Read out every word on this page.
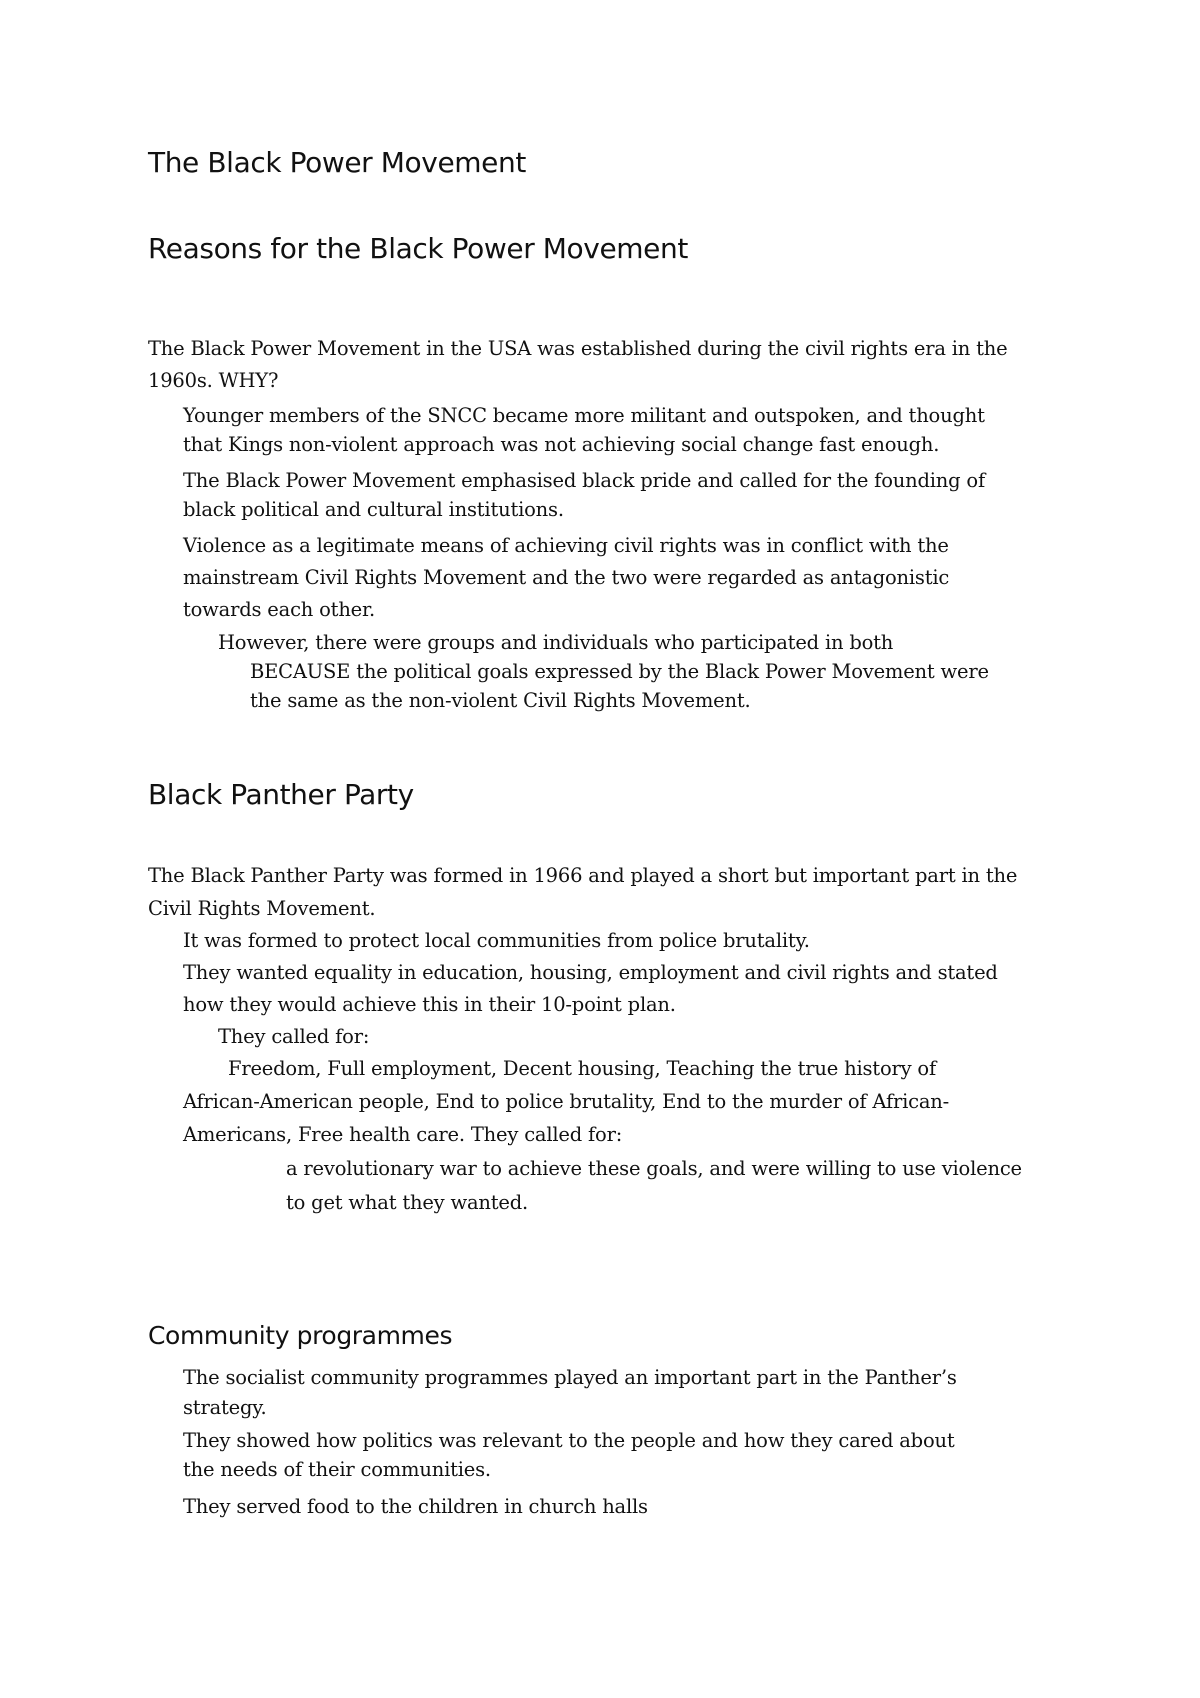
The Black Power Movement
Reasons for the Black Power Movement

The Black Power Movement in the USA was established during the civil rights era in the

1960s. WHY?

Younger members of the SNCC became more militant and outspoken, and thought

that Kings non-violent approach was not achieving social change fast enough.

The Black Power Movement emphasised black pride and called for the founding of

black political and cultural institutions.

Violence as a legitimate means of achieving civil rights was in conflict with the

mainstream Civil Rights Movement and the two were regarded as antagonistic

towards each other.

However, there were groups and individuals who participated in both

BECAUSE the political goals expressed by the Black Power Movement were

the same as the non-violent Civil Rights Movement.

Black Panther Party

The Black Panther Party was formed in 1966 and played a short but important part in the

Civil Rights Movement.

It was formed to protect local communities from police brutality.

They wanted equality in education, housing, employment and civil rights and stated

how they would achieve this in their 10-point plan.

They called for:

Freedom, Full employment, Decent housing, Teaching the true history of

African-American people, End to police brutality, End to the murder of African-

Americans, Free health care. They called for:

a revolutionary war to achieve these goals, and were willing to use violence

to get what they wanted.

Community programmes

The socialist community programmes played an important part in the Panther’s

strategy.

They showed how politics was relevant to the people and how they cared about

the needs of their communities.

They served food to the children in church halls
